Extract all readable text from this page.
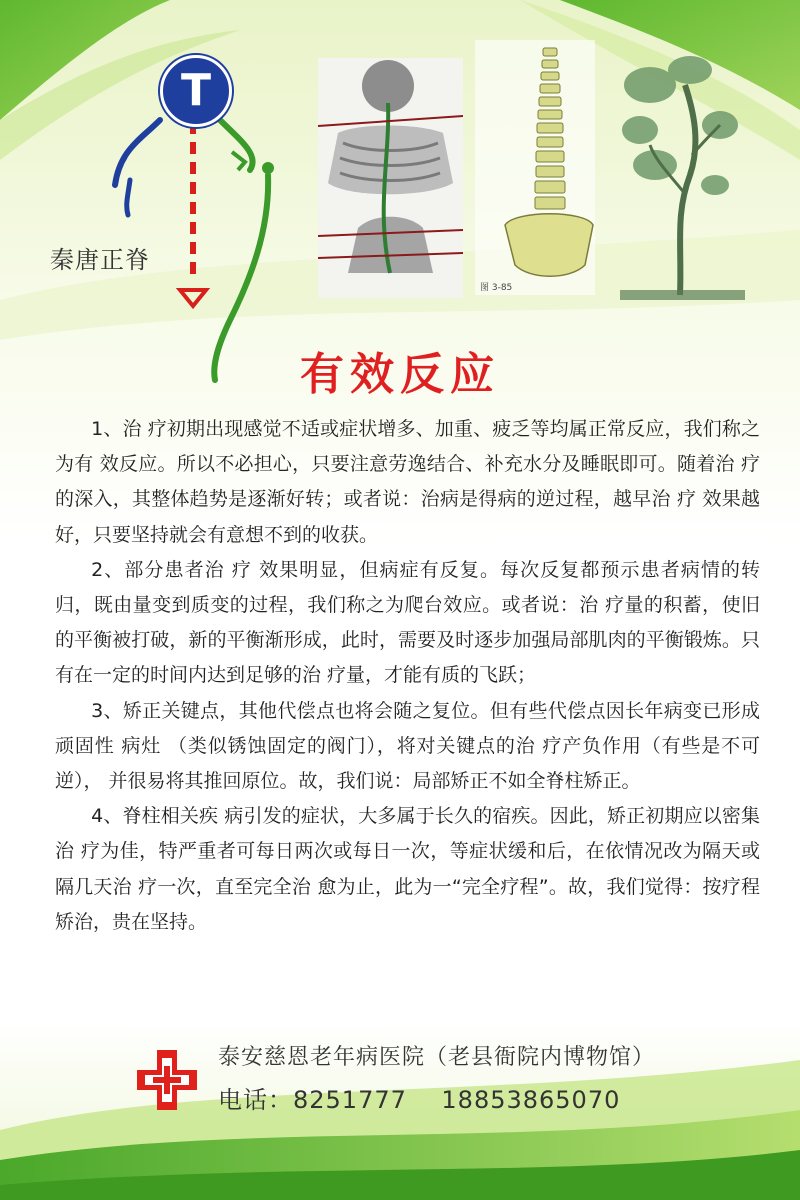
T
秦唐正脊
图 3-85
有效反应

1、治 疗初期出现感觉不适或症状增多、加重、疲乏等均属正常反应，我们称之为有 效反应。所以不必担心，只要注意劳逸结合、补充水分及睡眠即可。随着治 疗的深入，其整体趋势是逐渐好转；或者说：治病是得病的逆过程，越早治 疗 效果越好，只要坚持就会有意想不到的收获。

2、部分患者治 疗 效果明显，但病症有反复。每次反复都预示患者病情的转归，既由量变到质变的过程，我们称之为爬台效应。或者说：治 疗量的积蓄，使旧的平衡被打破，新的平衡渐形成，此时，需要及时逐步加强局部肌肉的平衡锻炼。只有在一定的时间内达到足够的治 疗量，才能有质的飞跃；

3、矫正关键点，其他代偿点也将会随之复位。但有些代偿点因长年病变已形成顽固性 病灶 （类似锈蚀固定的阀门），将对关键点的治 疗产负作用（有些是不可逆）， 并很易将其推回原位。故，我们说：局部矫正不如全脊柱矫正。

4、脊柱相关疾 病引发的症状，大多属于长久的宿疾。因此，矫正初期应以密集治 疗为佳，特严重者可每日两次或每日一次，等症状缓和后，在依情况改为隔天或隔几天治 疗一次，直至完全治 愈为止，此为一“完全疗程”。故，我们觉得：按疗程矫治，贵在坚持。

泰安慈恩老年病医院（老县衙院内博物馆）
电话：8251777    18853865070
